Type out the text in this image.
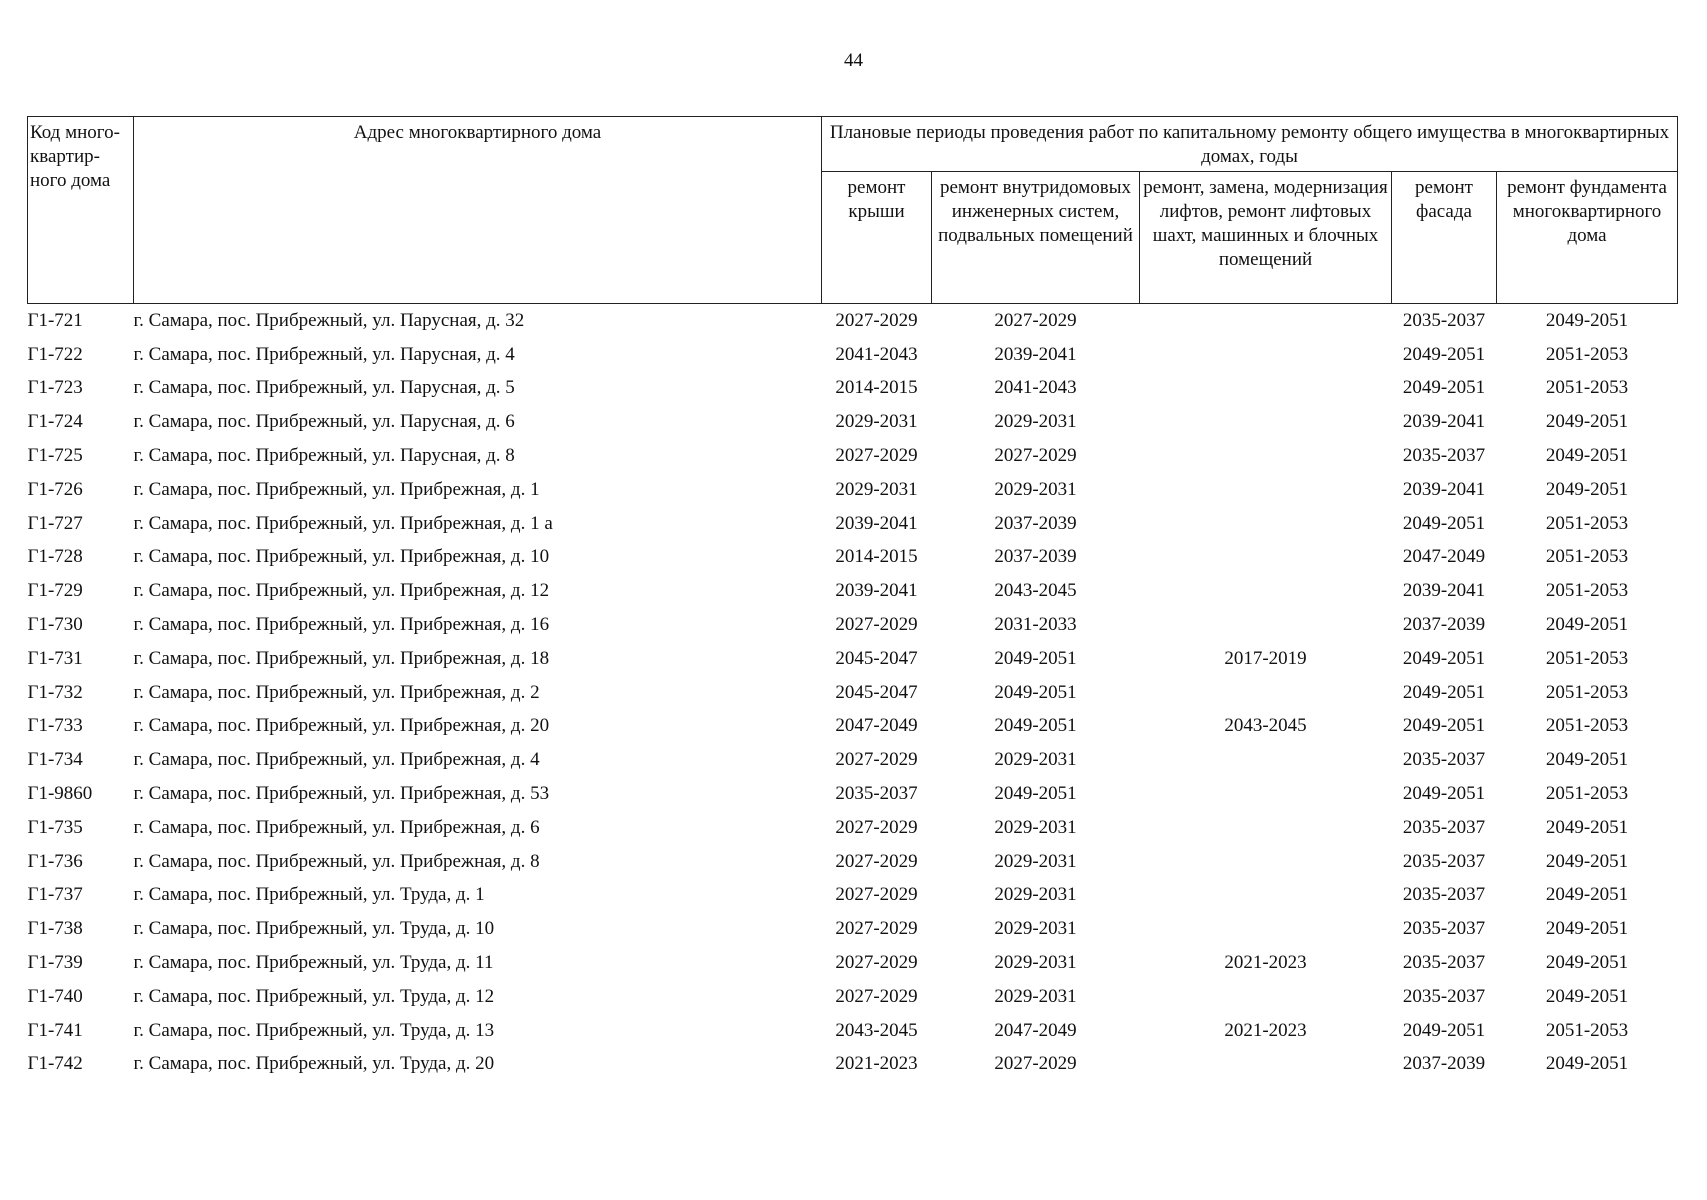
44
Код много-квартир-ного дома	Адрес многоквартирного дома	Плановые периоды проведения работ по капитальному ремонту общего имущества в многоквартирных домах, годы				
		ремонт крыши	ремонт внутридомовых инженерных систем, подвальных помещений	ремонт, замена, модернизация лифтов, ремонт лифтовых шахт, машинных и блочных помещений	ремонт фасада	ремонт фундамента многоквартирного дома
Г1-721	г. Самара, пос. Прибрежный, ул. Парусная, д. 32	2027-2029	2027-2029		2035-2037	2049-2051
Г1-722	г. Самара, пос. Прибрежный, ул. Парусная, д. 4	2041-2043	2039-2041		2049-2051	2051-2053
Г1-723	г. Самара, пос. Прибрежный, ул. Парусная, д. 5	2014-2015	2041-2043		2049-2051	2051-2053
Г1-724	г. Самара, пос. Прибрежный, ул. Парусная, д. 6	2029-2031	2029-2031		2039-2041	2049-2051
Г1-725	г. Самара, пос. Прибрежный, ул. Парусная, д. 8	2027-2029	2027-2029		2035-2037	2049-2051
Г1-726	г. Самара, пос. Прибрежный, ул. Прибрежная, д. 1	2029-2031	2029-2031		2039-2041	2049-2051
Г1-727	г. Самара, пос. Прибрежный, ул. Прибрежная, д. 1 а	2039-2041	2037-2039		2049-2051	2051-2053
Г1-728	г. Самара, пос. Прибрежный, ул. Прибрежная, д. 10	2014-2015	2037-2039		2047-2049	2051-2053
Г1-729	г. Самара, пос. Прибрежный, ул. Прибрежная, д. 12	2039-2041	2043-2045		2039-2041	2051-2053
Г1-730	г. Самара, пос. Прибрежный, ул. Прибрежная, д. 16	2027-2029	2031-2033		2037-2039	2049-2051
Г1-731	г. Самара, пос. Прибрежный, ул. Прибрежная, д. 18	2045-2047	2049-2051	2017-2019	2049-2051	2051-2053
Г1-732	г. Самара, пос. Прибрежный, ул. Прибрежная, д. 2	2045-2047	2049-2051		2049-2051	2051-2053
Г1-733	г. Самара, пос. Прибрежный, ул. Прибрежная, д. 20	2047-2049	2049-2051	2043-2045	2049-2051	2051-2053
Г1-734	г. Самара, пос. Прибрежный, ул. Прибрежная, д. 4	2027-2029	2029-2031		2035-2037	2049-2051
Г1-9860	г. Самара, пос. Прибрежный, ул. Прибрежная, д. 53	2035-2037	2049-2051		2049-2051	2051-2053
Г1-735	г. Самара, пос. Прибрежный, ул. Прибрежная, д. 6	2027-2029	2029-2031		2035-2037	2049-2051
Г1-736	г. Самара, пос. Прибрежный, ул. Прибрежная, д. 8	2027-2029	2029-2031		2035-2037	2049-2051
Г1-737	г. Самара, пос. Прибрежный, ул. Труда, д. 1	2027-2029	2029-2031		2035-2037	2049-2051
Г1-738	г. Самара, пос. Прибрежный, ул. Труда, д. 10	2027-2029	2029-2031		2035-2037	2049-2051
Г1-739	г. Самара, пос. Прибрежный, ул. Труда, д. 11	2027-2029	2029-2031	2021-2023	2035-2037	2049-2051
Г1-740	г. Самара, пос. Прибрежный, ул. Труда, д. 12	2027-2029	2029-2031		2035-2037	2049-2051
Г1-741	г. Самара, пос. Прибрежный, ул. Труда, д. 13	2043-2045	2047-2049	2021-2023	2049-2051	2051-2053
Г1-742	г. Самара, пос. Прибрежный, ул. Труда, д. 20	2021-2023	2027-2029		2037-2039	2049-2051
